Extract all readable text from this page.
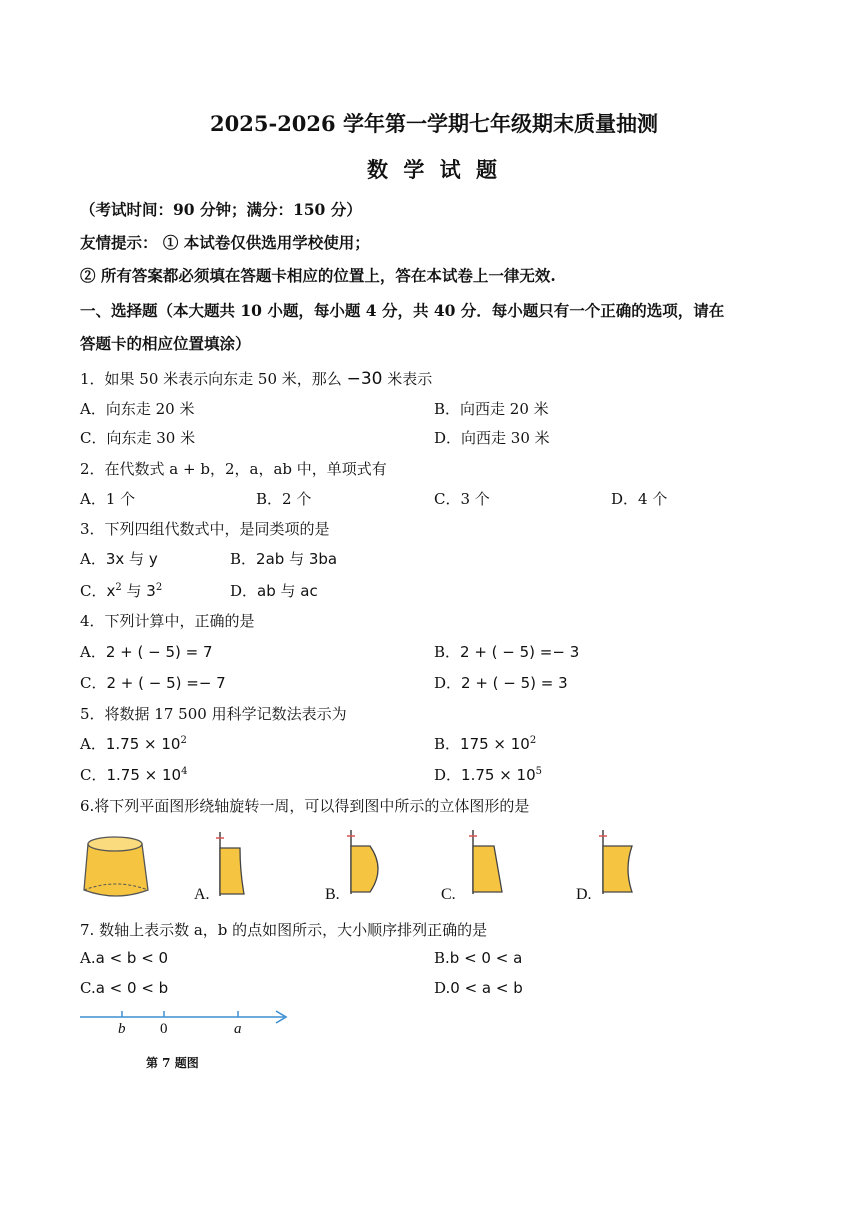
2025-2026 学年第一学期七年级期末质量抽测
数 学 试 题
（考试时间：90 分钟；满分：150 分）
友情提示： ① 本试卷仅供选用学校使用；
② 所有答案都必须填在答题卡相应的位置上，答在本试卷上一律无效.
一、选择题（本大题共 10 小题，每小题 4 分，共 40 分．每小题只有一个正确的选项，请在
答题卡的相应位置填涂）
1．如果 50 米表示向东走 50 米，那么 −30 米表示
A．向东走 20 米	B．向西走 20 米
C．向东走 30 米	D．向西走 30 米
2．在代数式 a + b，2，a，ab 中，单项式有
A．1 个	B．2 个	C．3 个	D．4 个
3．下列四组代数式中，是同类项的是
A．3x 与 y	B．2ab 与 3ba
C．$x^2$ 与 $3^2$	D．ab 与 ac
4．下列计算中，正确的是
A．2 + ( − 5) = 7	B．2 + ( − 5) =− 3
C．2 + ( − 5) =− 7	D．2 + ( − 5) = 3
5．将数据 17 500 用科学记数法表示为
A．$1.75 \times 10^2$	B．$175 \times 10^2$
C．$1.75 \times 10^4$	D．$1.75 \times 10^5$
6.将下列平面图形绕轴旋转一周，可以得到图中所示的立体图形的是
A.	B.	C.	D.
7. 数轴上表示数 a，b 的点如图所示，大小顺序排列正确的是
A.a < b < 0	B.b < 0 < a
C.a < 0 < b	D.0 < a < b
b 0	a
第 7 题图
